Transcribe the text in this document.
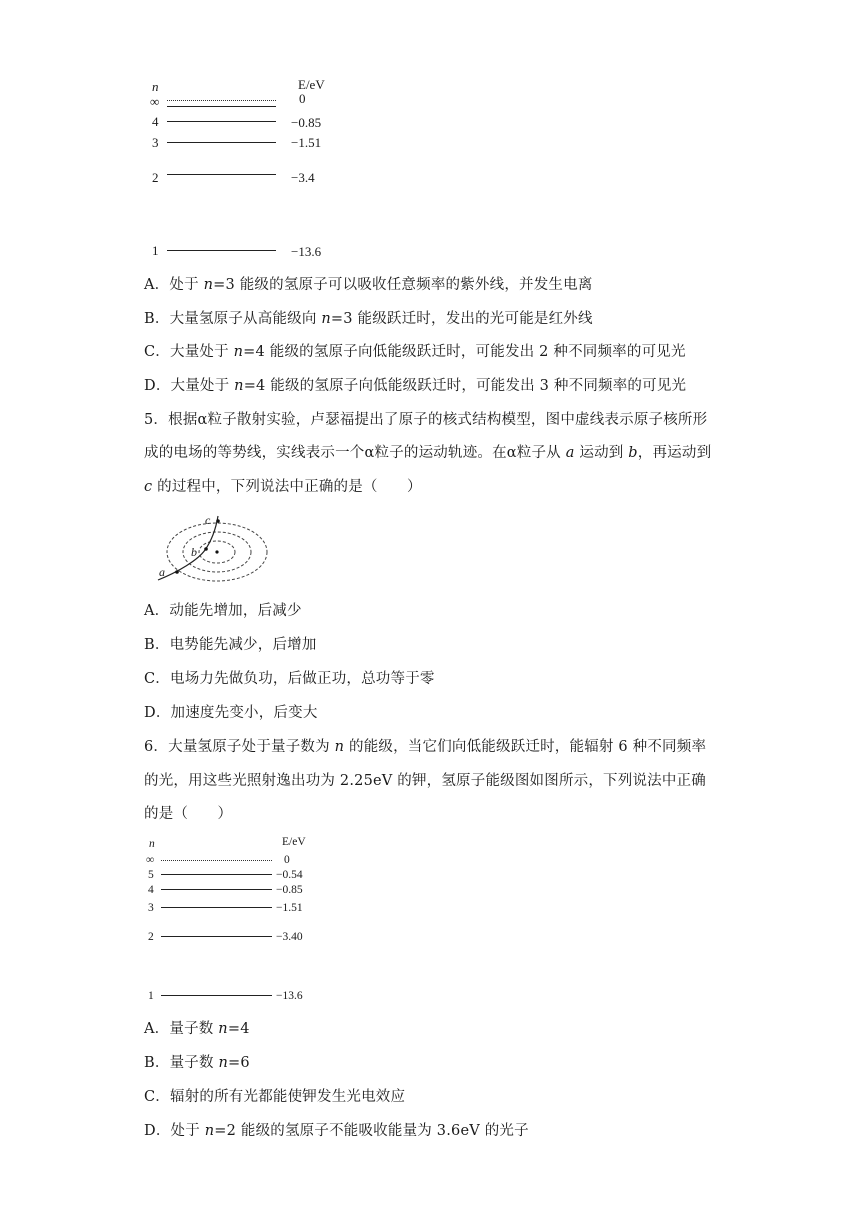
n	E/eV
∞	0
4	−0.85
3	−1.51
2	−3.4
1	−13.6
A．处于 n=3 能级的氢原子可以吸收任意频率的紫外线，并发生电离
B．大量氢原子从高能级向 n=3 能级跃迁时，发出的光可能是红外线
C．大量处于 n=4 能级的氢原子向低能级跃迁时，可能发出 2 种不同频率的可见光
D．大量处于 n=4 能级的氢原子向低能级跃迁时，可能发出 3 种不同频率的可见光
5．根据α粒子散射实验，卢瑟福提出了原子的核式结构模型，图中虚线表示原子核所形
成的电场的等势线，实线表示一个α粒子的运动轨迹。在α粒子从 a 运动到 b，再运动到
c 的过程中，下列说法中正确的是（　　）
a
b
c
A．动能先增加，后减少
B．电势能先减少，后增加
C．电场力先做负功，后做正功，总功等于零
D．加速度先变小，后变大
6．大量氢原子处于量子数为 n 的能级，当它们向低能级跃迁时，能辐射 6 种不同频率
的光，用这些光照射逸出功为 2.25eV 的钾，氢原子能级图如图所示，下列说法中正确
的是（　　）
n	E/eV
∞	0
5	−0.54
4	−0.85
3	−1.51
2	−3.40
1	−13.6
A．量子数 n=4
B．量子数 n=6
C．辐射的所有光都能使钾发生光电效应
D．处于 n=2 能级的氢原子不能吸收能量为 3.6eV 的光子
